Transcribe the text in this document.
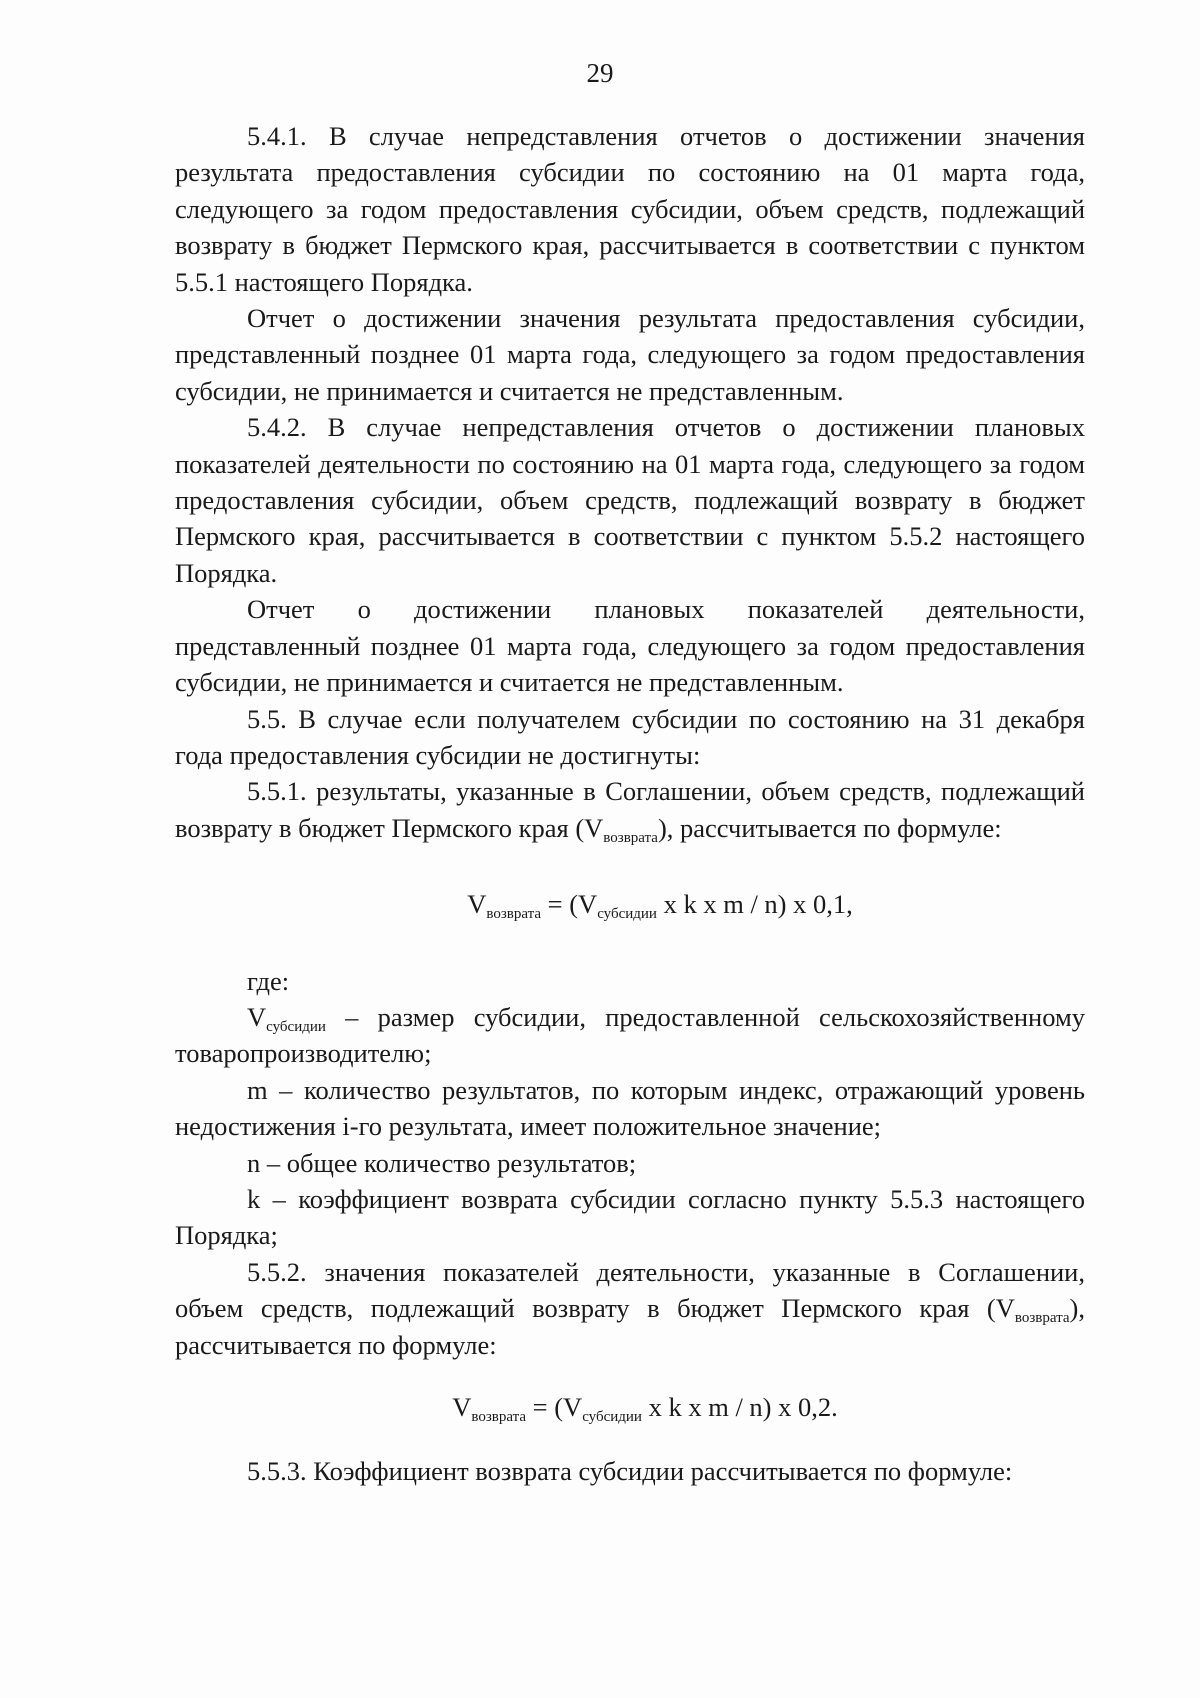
29

5.4.1. В случае непредставления отчетов о достижении значения результата предоставления субсидии по состоянию на 01 марта года, следующего за годом предоставления субсидии, объем средств, подлежащий возврату в бюджет Пермского края, рассчитывается в соответствии с пунктом 5.5.1 настоящего Порядка.

Отчет о достижении значения результата предоставления субсидии, представленный позднее 01 марта года, следующего за годом предоставления субсидии, не принимается и считается не представленным.

5.4.2. В случае непредставления отчетов о достижении плановых показателей деятельности по состоянию на 01 марта года, следующего за годом предоставления субсидии, объем средств, подлежащий возврату в бюджет Пермского края, рассчитывается в соответствии с пунктом 5.5.2 настоящего Порядка.

Отчет о достижении плановых показателей деятельности, представленный позднее 01 марта года, следующего за годом предоставления субсидии, не принимается и считается не представленным.

5.5. В случае если получателем субсидии по состоянию на 31 декабря года предоставления субсидии не достигнуты:

5.5.1. результаты, указанные в Соглашении, объем средств, подлежащий возврату в бюджет Пермского края $(V_{возврата})$, рассчитывается по формуле:

$V_{возврата} = (V_{субсидии}$ x k x m / n) x 0,1,

где:

$V_{субсидии}$ – размер субсидии, предоставленной сельскохозяйственному товаропроизводителю;

m – количество результатов, по которым индекс, отражающий уровень недостижения i-го результата, имеет положительное значение;

n – общее количество результатов;

k – коэффициент возврата субсидии согласно пункту 5.5.3 настоящего Порядка;

5.5.2. значения показателей деятельности, указанные в Соглашении, объем средств, подлежащий возврату в бюджет Пермского края $(V_{возврата})$, рассчитывается по формуле:

$V_{возврата} = (V_{субсидии}$ x k x m / n) x 0,2.

5.5.3. Коэффициент возврата субсидии рассчитывается по формуле:
